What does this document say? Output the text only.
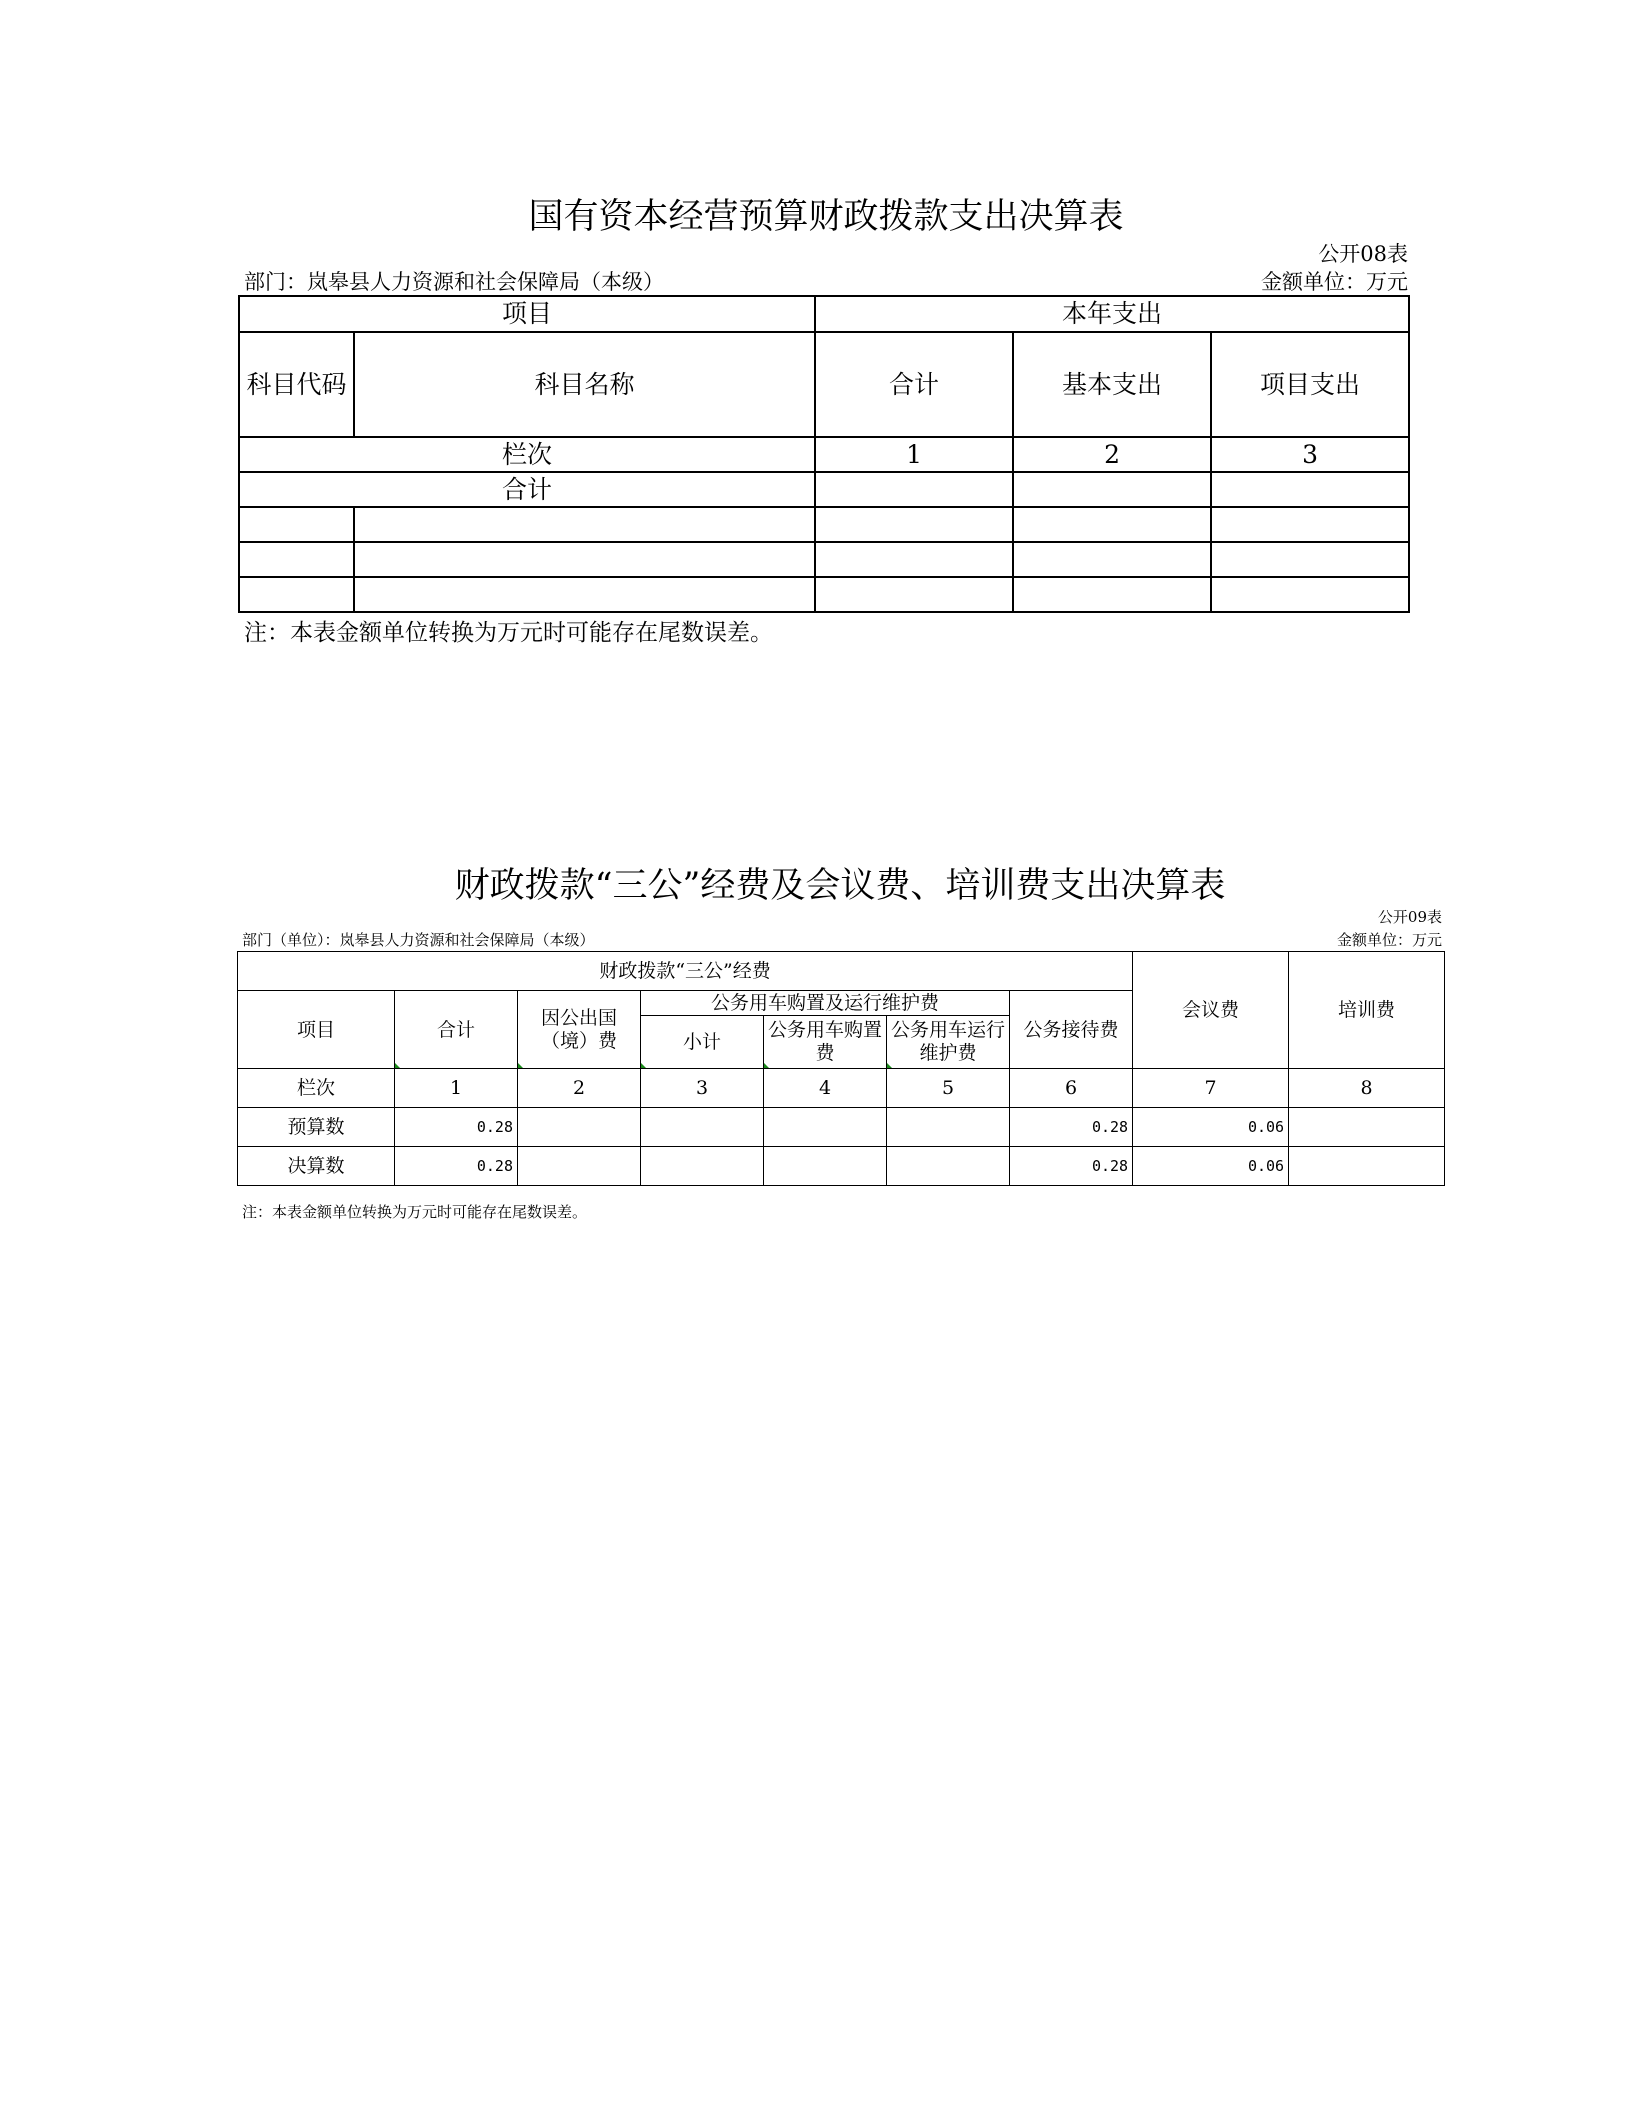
国有资本经营预算财政拨款支出决算表
公开08表
部门：岚皋县人力资源和社会保障局（本级）	金额单位：万元
项目		本年支出		
科目代码	科目名称	合计	基本支出	项目支出
栏次		1	2	3
合计				

注：本表金额单位转换为万元时可能存在尾数误差。
财政拨款“三公”经费及会议费、培训费支出决算表
公开09表
部门（单位）：岚皋县人力资源和社会保障局（本级）	金额单位：万元
财政拨款“三公”经费							会议费	培训费
项目	合计	因公出国（境）费	公务用车购置及运行维护费			公务接待费		
			小计	公务用车购置费	公务用车运行维护费			

栏次	1	2	3	4	5	6	7	8
预算数	0.28					0.28	0.06	
决算数	0.28					0.28	0.06	
注：本表金额单位转换为万元时可能存在尾数误差。
